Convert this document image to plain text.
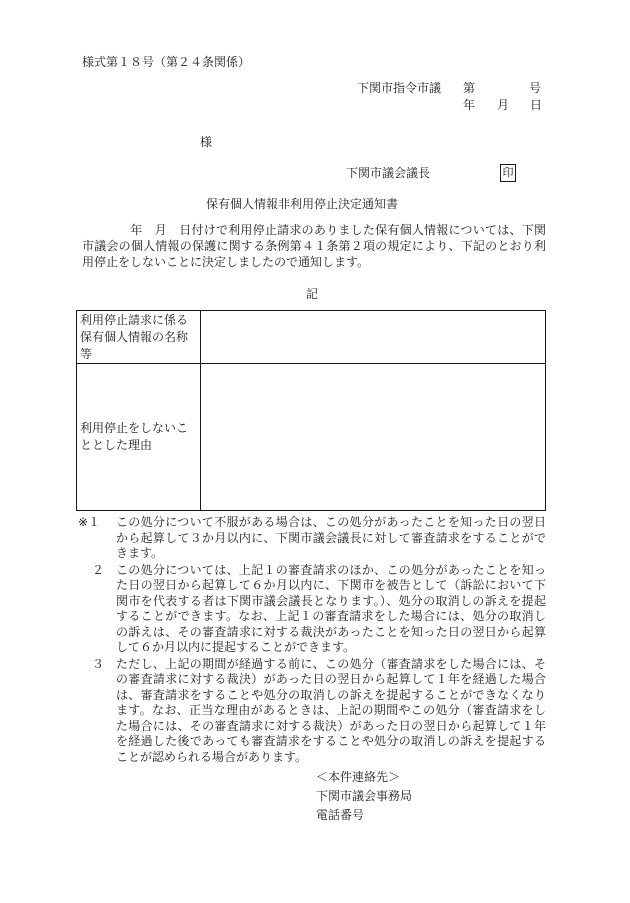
様式第１８号（第２４条関係）
下関市指令市議 第	号
年 月 日
様
下関市議会議長	印
保有個人情報非利用停止決定通知書
年　月　日付けで利用停止請求のありました保有個人情報については、下関市議会の個人情報の保護に関する条例第４１条第２項の規定により、下記のとおり利用停止をしないことに決定しましたので通知します。
記
利用停止請求に係る保有個人情報の名称等	
利用停止をしないこととした理由	
※１ この処分について不服がある場合は、この処分があったことを知った日の翌日から起算して３か月以内に、下関市議会議長に対して審査請求をすることができます。
２ この処分については、上記１の審査請求のほか、この処分があったことを知った日の翌日から起算して６か月以内に、下関市を被告として（訴訟において下関市を代表する者は下関市議会議長となります。）、処分の取消しの訴えを提起することができます。なお、上記１の審査請求をした場合には、処分の取消しの訴えは、その審査請求に対する裁決があったことを知った日の翌日から起算して６か月以内に提起することができます。
３ ただし、上記の期間が経過する前に、この処分（審査請求をした場合には、その審査請求に対する裁決）があった日の翌日から起算して１年を経過した場合は、審査請求をすることや処分の取消しの訴えを提起することができなくなります。なお、正当な理由があるときは、上記の期間やこの処分（審査請求をした場合には、その審査請求に対する裁決）があった日の翌日から起算して１年を経過した後であっても審査請求をすることや処分の取消しの訴えを提起することが認められる場合があります。
＜本件連絡先＞
下関市議会事務局
電話番号
